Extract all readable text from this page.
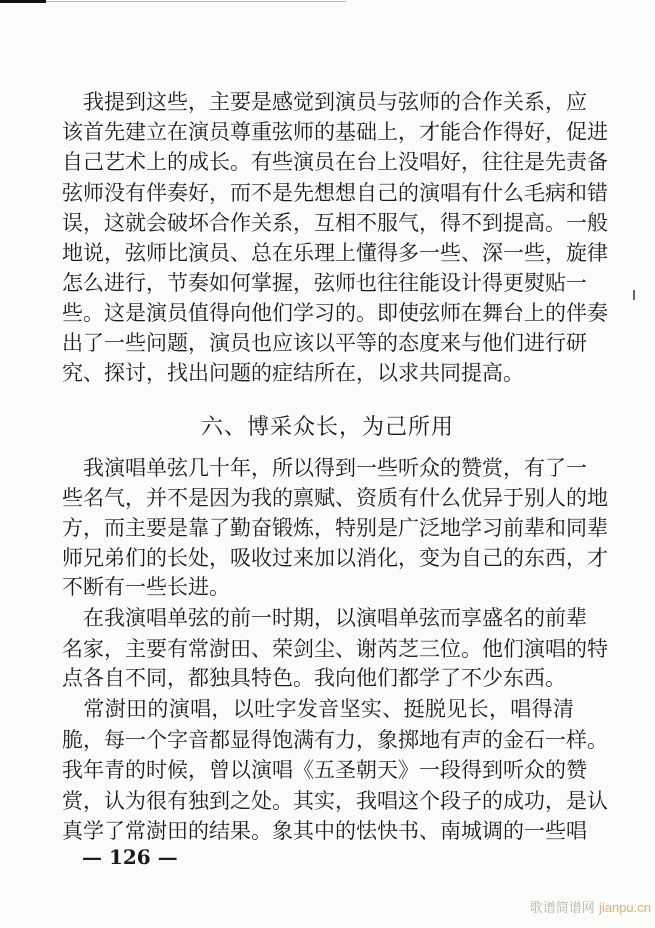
　我提到这些，主要是感觉到演员与弦师的合作关系，应
该首先建立在演员尊重弦师的基础上，才能合作得好，促进
自己艺术上的成长。有些演员在台上没唱好，往往是先责备
弦师没有伴奏好，而不是先想想自己的演唱有什么毛病和错
误，这就会破坏合作关系，互相不服气，得不到提高。一般
地说，弦师比演员、总在乐理上懂得多一些、深一些，旋律
怎么进行，节奏如何掌握，弦师也往往能设计得更熨贴一
些。这是演员值得向他们学习的。即使弦师在舞台上的伴奏
出了一些问题，演员也应该以平等的态度来与他们进行研
究、探讨，找出问题的症结所在，以求共同提高。
六、博采众长，为己所用
　我演唱单弦几十年，所以得到一些听众的赞赏，有了一
些名气，并不是因为我的禀赋、资质有什么优异于别人的地
方，而主要是靠了勤奋锻炼，特别是广泛地学习前辈和同辈
师兄弟们的长处，吸收过来加以消化，变为自己的东西，才
不断有一些长进。
　在我演唱单弦的前一时期，以演唱单弦而享盛名的前辈
名家，主要有常澍田、荣剑尘、谢芮芝三位。他们演唱的特
点各自不同，都独具特色。我向他们都学了不少东西。
　常澍田的演唱，以吐字发音坚实、挺脱见长，唱得清
脆，每一个字音都显得饱满有力，象掷地有声的金石一样。
我年青的时候，曾以演唱《五圣朝天》一段得到听众的赞
赏，认为很有独到之处。其实，我唱这个段子的成功，是认
真学了常澍田的结果。象其中的怯快书、南城调的一些唱
— 126 —
歌谱简谱网 jianpu.cn
